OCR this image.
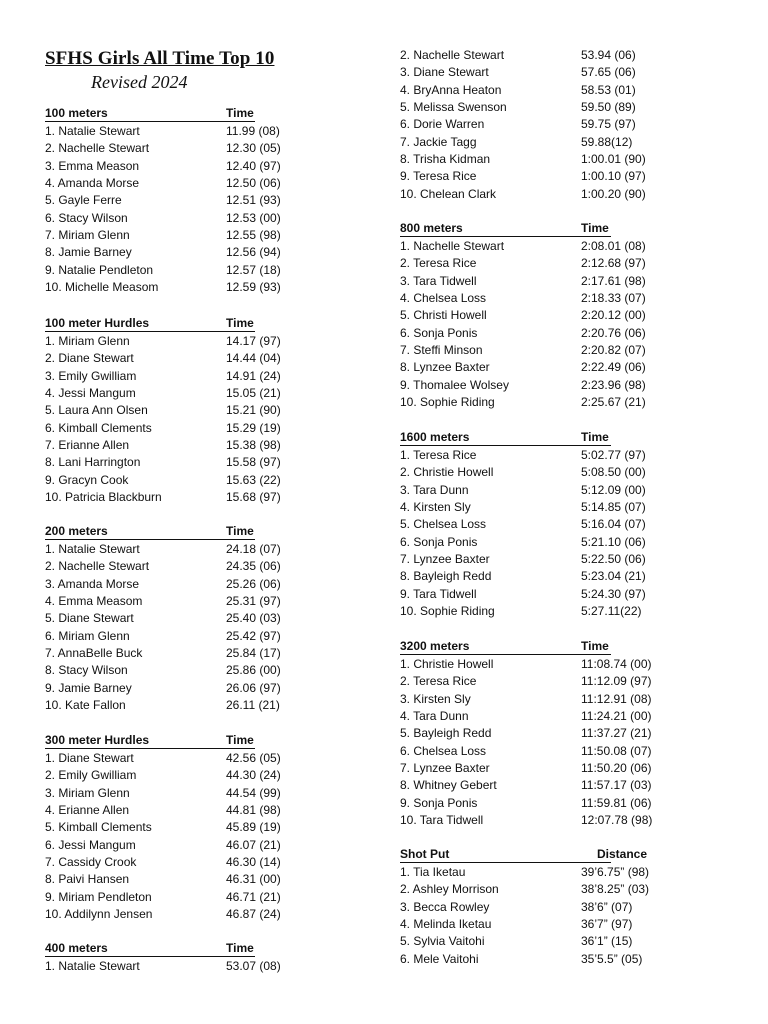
SFHS Girls All Time Top 10
Revised 2024
100 meters	Time
1. Natalie Stewart	11.99 (08)
2. Nachelle Stewart	12.30 (05)
3. Emma Meason	12.40 (97)
4. Amanda Morse	12.50 (06)
5. Gayle Ferre	12.51 (93)
6. Stacy Wilson	12.53 (00)
7. Miriam Glenn	12.55 (98)
8. Jamie Barney	12.56 (94)
9. Natalie Pendleton	12.57 (18)
10. Michelle Measom	12.59 (93)
100 meter Hurdles	Time
1. Miriam Glenn	14.17 (97)
2. Diane Stewart	14.44 (04)
3. Emily Gwilliam	14.91 (24)
4. Jessi Mangum	15.05 (21)
5. Laura Ann Olsen	15.21 (90)
6. Kimball Clements	15.29 (19)
7. Erianne Allen	15.38 (98)
8. Lani Harrington	15.58 (97)
9. Gracyn Cook	15.63 (22)
10. Patricia Blackburn	15.68 (97)
200 meters	Time
1. Natalie Stewart	24.18 (07)
2. Nachelle Stewart	24.35 (06)
3. Amanda Morse	25.26 (06)
4. Emma Measom	25.31 (97)
5. Diane Stewart	25.40 (03)
6. Miriam Glenn	25.42 (97)
7. AnnaBelle Buck	25.84 (17)
8. Stacy Wilson	25.86 (00)
9. Jamie Barney	26.06 (97)
10. Kate Fallon	26.11 (21)
300 meter Hurdles	Time
1. Diane Stewart	42.56 (05)
2. Emily Gwilliam	44.30 (24)
3. Miriam Glenn	44.54 (99)
4. Erianne Allen	44.81 (98)
5. Kimball Clements	45.89 (19)
6. Jessi Mangum	46.07 (21)
7. Cassidy Crook	46.30 (14)
8. Paivi Hansen	46.31 (00)
9. Miriam Pendleton	46.71 (21)
10. Addilynn Jensen	46.87 (24)
400 meters	Time
1. Natalie Stewart	53.07 (08)
2. Nachelle Stewart	53.94 (06)
3. Diane Stewart	57.65 (06)
4. BryAnna Heaton	58.53 (01)
5. Melissa Swenson	59.50 (89)
6. Dorie Warren	59.75 (97)
7. Jackie Tagg	59.88(12)
8. Trisha Kidman	1:00.01 (90)
9. Teresa Rice	1:00.10 (97)
10. Chelean Clark	1:00.20 (90)
800 meters	Time
1. Nachelle Stewart	2:08.01 (08)
2. Teresa Rice	2:12.68 (97)
3. Tara Tidwell	2:17.61 (98)
4. Chelsea Loss	2:18.33 (07)
5. Christi Howell	2:20.12 (00)
6. Sonja Ponis	2:20.76 (06)
7. Steffi Minson	2:20.82 (07)
8. Lynzee Baxter	2:22.49 (06)
9. Thomalee Wolsey	2:23.96 (98)
10. Sophie Riding	2:25.67 (21)
1600 meters	Time
1. Teresa Rice	5:02.77 (97)
2. Christie Howell	5:08.50 (00)
3. Tara Dunn	5:12.09 (00)
4. Kirsten Sly	5:14.85 (07)
5. Chelsea Loss	5:16.04 (07)
6. Sonja Ponis	5:21.10 (06)
7. Lynzee Baxter	5:22.50 (06)
8. Bayleigh Redd	5:23.04 (21)
9. Tara Tidwell	5:24.30 (97)
10. Sophie Riding	5:27.11(22)
3200 meters	Time
1. Christie Howell	11:08.74 (00)
2. Teresa Rice	11:12.09 (97)
3. Kirsten Sly	11:12.91 (08)
4. Tara Dunn	11:24.21 (00)
5. Bayleigh Redd	11:37.27 (21)
6. Chelsea Loss	11:50.08 (07)
7. Lynzee Baxter	11:50.20 (06)
8. Whitney Gebert	11:57.17 (03)
9. Sonja Ponis	11:59.81 (06)
10. Tara Tidwell	12:07.78 (98)
Shot Put	Distance
1. Tia Iketau	39’6.75” (98)
2. Ashley Morrison	38’8.25” (03)
3. Becca Rowley	38’6” (07)
4. Melinda Iketau	36’7” (97)
5. Sylvia Vaitohi	36’1” (15)
6. Mele Vaitohi	35’5.5” (05)
